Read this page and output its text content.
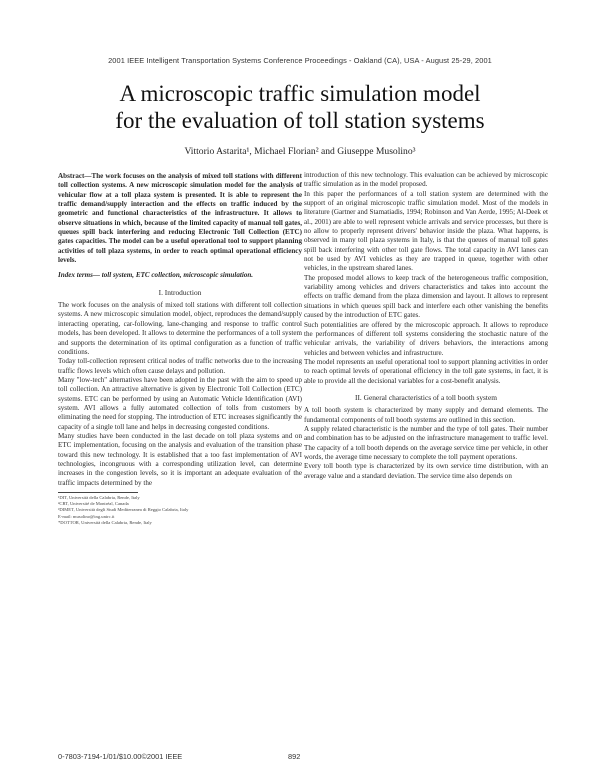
2001 IEEE Intelligent Transportation Systems Conference Proceedings - Oakland (CA), USA - August 25-29, 2001
A microscopic traffic simulation model
for the evaluation of toll station systems
Vittorio Astarita¹, Michael Florian² and Giuseppe Musolino³

Abstract—The work focuses on the analysis of mixed toll stations with different toll collection systems. A new microscopic simulation model for the analysis of vehicular flow at a toll plaza system is presented. It is able to represent the traffic demand/supply interaction and the effects on traffic induced by the geometric and functional characteristics of the infrastructure. It allows to observe situations in which, because of the limited capacity of manual toll gates, queues spill back interfering and reducing Electronic Toll Collection (ETC) gates capacities. The model can be a useful operational tool to support planning activities of toll plaza systems, in order to reach optimal operational efficiency levels.

Index terms— toll system, ETC collection, microscopic simulation.

I. Introduction

The work focuses on the analysis of mixed toll stations with different toll collection systems. A new microscopic simulation model, object, reproduces the demand/supply interacting operating, car-following, lane-changing and response to traffic control models, has been developed. It allows to determine the performances of a toll system and supports the determination of its optimal configuration as a function of traffic conditions.

Today toll-collection represent critical nodes of traffic networks due to the increasing traffic flows levels which often cause delays and pollution.

Many "low-tech" alternatives have been adopted in the past with the aim to speed up toll collection. An attractive alternative is given by Electronic Toll Collection (ETC) systems. ETC can be performed by using an Automatic Vehicle Identification (AVI) system. AVI allows a fully automated collection of tolls from customers by eliminating the need for stopping. The introduction of ETC increases significantly the capacity of a single toll lane and helps in decreasing congested conditions.

Many studies have been conducted in the last decade on toll plaza systems and on ETC implementation, focusing on the analysis and evaluation of the transition phase toward this new technology. It is established that a too fast implementation of AVI technologies, incongruous with a corresponding utilization level, can determine increases in the congestion levels, so it is important an adequate evaluation of the traffic impacts determined by the

¹DIT, Università della Calabria, Rende, Italy
²CRT, Université de Montréal, Canada
³DIMET, Università degli Studi Mediterranea di Reggio Calabria, Italy
E-mail: musolino@ing.unirc.it
*DOTTOR, Università della Calabria, Rende, Italy

introduction of this new technology. This evaluation can be achieved by microscopic traffic simulation as in the model proposed.

In this paper the performances of a toll station system are determined with the support of an original microscopic traffic simulation model. Most of the models in literature (Gartner and Stamatiadis, 1994; Robinson and Van Aerde, 1995; Al-Deek et al., 2001) are able to well represent vehicle arrivals and service processes, but there is no allow to properly represent drivers' behavior inside the plaza. What happens, is observed in many toll plaza systems in Italy, is that the queues of manual toll gates spill back interfering with other toll gate flows. The total capacity in AVI lanes can not be used by AVI vehicles as they are trapped in queue, together with other vehicles, in the upstream shared lanes.

The proposed model allows to keep track of the heterogeneous traffic composition, variability among vehicles and drivers characteristics and takes into account the effects on traffic demand from the plaza dimension and layout. It allows to represent situations in which queues spill back and interfere each other vanishing the benefits caused by the introduction of ETC gates.

Such potentialities are offered by the microscopic approach. It allows to reproduce the performances of different toll systems considering the stochastic nature of the vehicular arrivals, the variability of drivers behaviors, the interactions among vehicles and between vehicles and infrastructure.

The model represents an useful operational tool to support planning activities in order to reach optimal levels of operational efficiency in the toll gate systems, in fact, it is able to provide all the decisional variables for a cost-benefit analysis.

II. General characteristics of a toll booth system

A toll booth system is characterized by many supply and demand elements. The fundamental components of toll booth systems are outlined in this section.

A supply related characteristic is the number and the type of toll gates. Their number and combination has to be adjusted on the infrastructure management to traffic level. The capacity of a toll booth depends on the average service time per vehicle, in other words, the average time necessary to complete the toll payment operations.

Every toll booth type is characterized by its own service time distribution, with an average value and a standard deviation. The service time also depends on

0-7803-7194-1/01/$10.00©2001 IEEE	892
